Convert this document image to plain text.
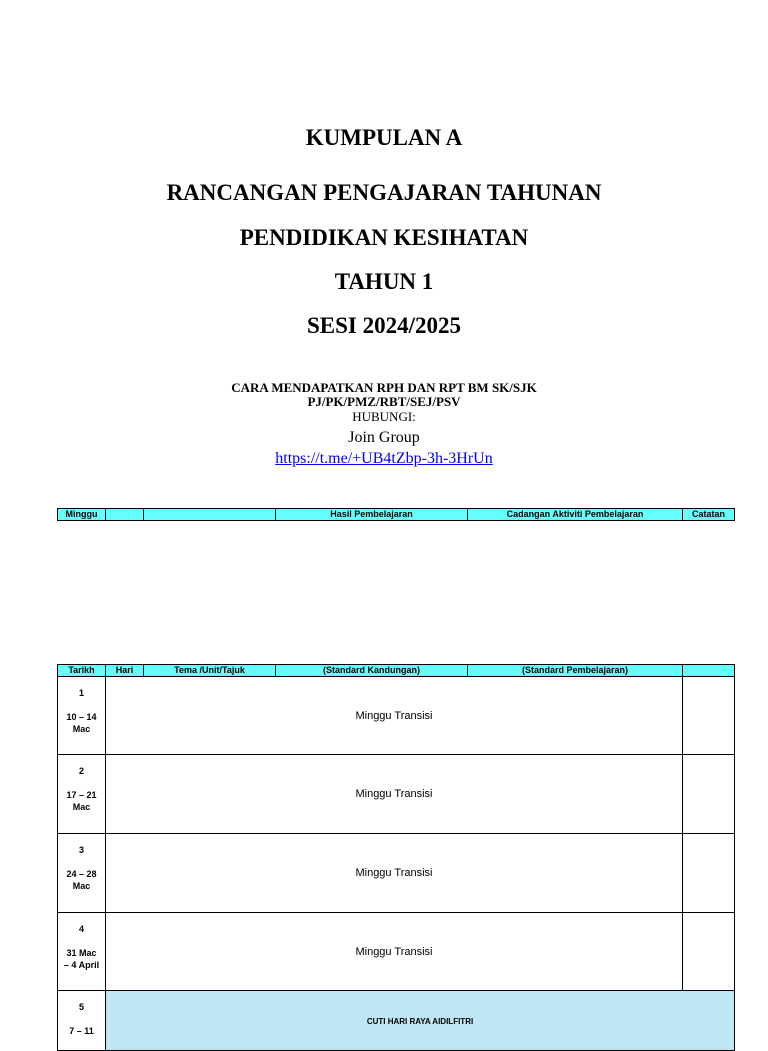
KUMPULAN A
RANCANGAN PENGAJARAN TAHUNAN
PENDIDIKAN KESIHATAN
TAHUN 1
SESI 2024/2025
CARA MENDAPATKAN RPH DAN RPT BM SK/SJK
PJ/PK/PMZ/RBT/SEJ/PSV
HUBUNGI:
Join Group
https://t.me/+UB4tZbp-3h-3HrUn
Minggu			Hasil Pembelajaran	Cadangan Aktiviti Pembelajaran	Catatan
Tarikh	Hari	Tema /Unit/Tajuk	(Standard Kandungan)	(Standard Pembelajaran)	

1
10 – 14
Mac	Minggu Transisi				

2
17 – 21
Mac	Minggu Transisi				

3
24 – 28
Mac	Minggu Transisi				

4
31 Mac
– 4 April	Minggu Transisi				

5
7 – 11	CUTI HARI RAYA AIDILFITRI				
